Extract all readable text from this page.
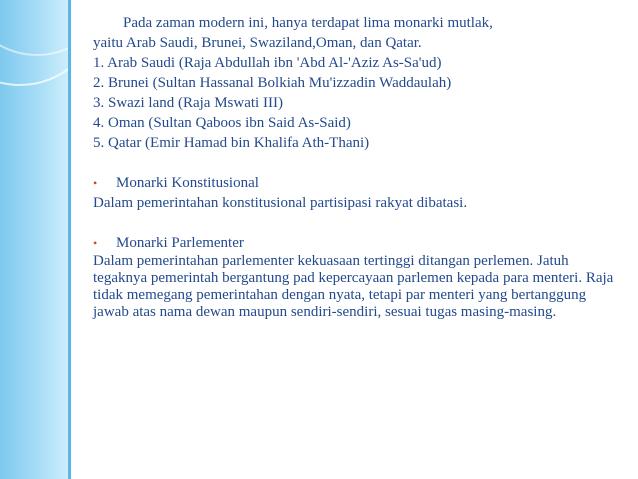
Pada zaman modern ini, hanya terdapat lima monarki mutlak,

yaitu Arab Saudi, Brunei, Swaziland,Oman, dan Qatar.

1. Arab Saudi (Raja Abdullah ibn 'Abd Al-'Aziz As-Sa'ud)

2. Brunei (Sultan Hassanal Bolkiah Mu'izzadin Waddaulah)

3. Swazi land (Raja Mswati III)

4. Oman (Sultan Qaboos ibn Said As-Said)

5. Qatar (Emir Hamad bin Khalifa Ath-Thani)

• Monarki Konstitusional

Dalam pemerintahan konstitusional partisipasi rakyat dibatasi.

• Monarki Parlementer

Dalam pemerintahan parlementer kekuasaan tertinggi ditangan perlemen. Jatuh tegaknya pemerintah bergantung pad kepercayaan parlemen kepada para menteri. Raja tidak memegang pemerintahan dengan nyata, tetapi par menteri yang bertanggung jawab atas nama dewan maupun sendiri-sendiri, sesuai tugas masing-masing.
